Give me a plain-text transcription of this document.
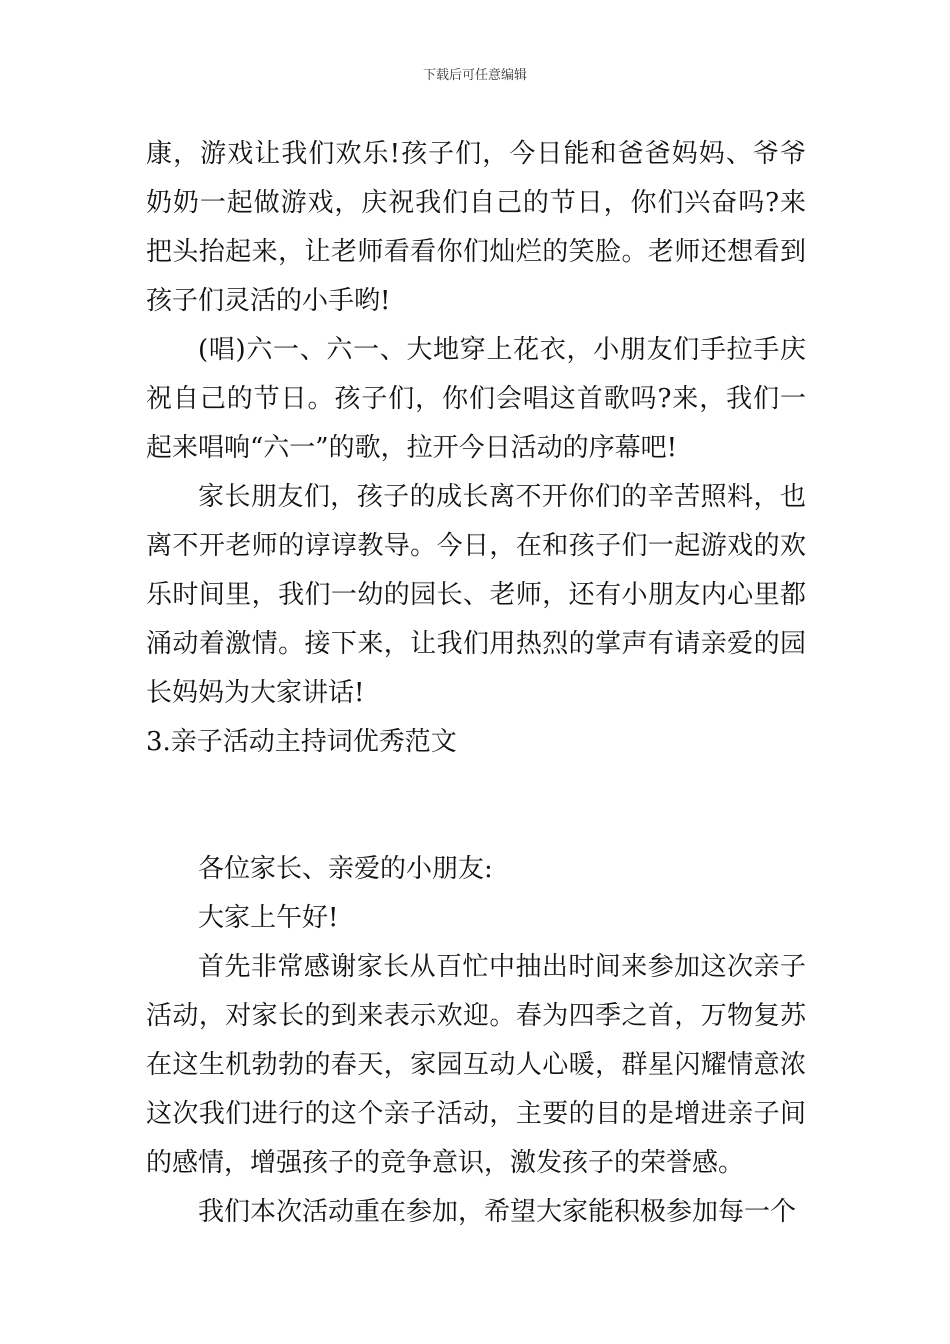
下载后可任意编辑

康，游戏让我们欢乐!孩子们，今日能和爸爸妈妈、爷爷奶奶一起做游戏，庆祝我们自己的节日，你们兴奋吗?来把头抬起来，让老师看看你们灿烂的笑脸。老师还想看到孩子们灵活的小手哟!

(唱)六一、六一、大地穿上花衣，小朋友们手拉手庆祝自己的节日。孩子们，你们会唱这首歌吗?来，我们一起来唱响“六一”的歌，拉开今日活动的序幕吧!

家长朋友们，孩子的成长离不开你们的辛苦照料，也离不开老师的谆谆教导。今日，在和孩子们一起游戏的欢乐时间里，我们一幼的园长、老师，还有小朋友内心里都涌动着激情。接下来，让我们用热烈的掌声有请亲爱的园长妈妈为大家讲话!

3.亲子活动主持词优秀范文

各位家长、亲爱的小朋友:

大家上午好!

首先非常感谢家长从百忙中抽出时间来参加这次亲子活动，对家长的到来表示欢迎。春为四季之首，万物复苏在这生机勃勃的春天，家园互动人心暖，群星闪耀情意浓这次我们进行的这个亲子活动，主要的目的是增进亲子间的感情，增强孩子的竞争意识，激发孩子的荣誉感。

我们本次活动重在参加，希望大家能积极参加每一个
